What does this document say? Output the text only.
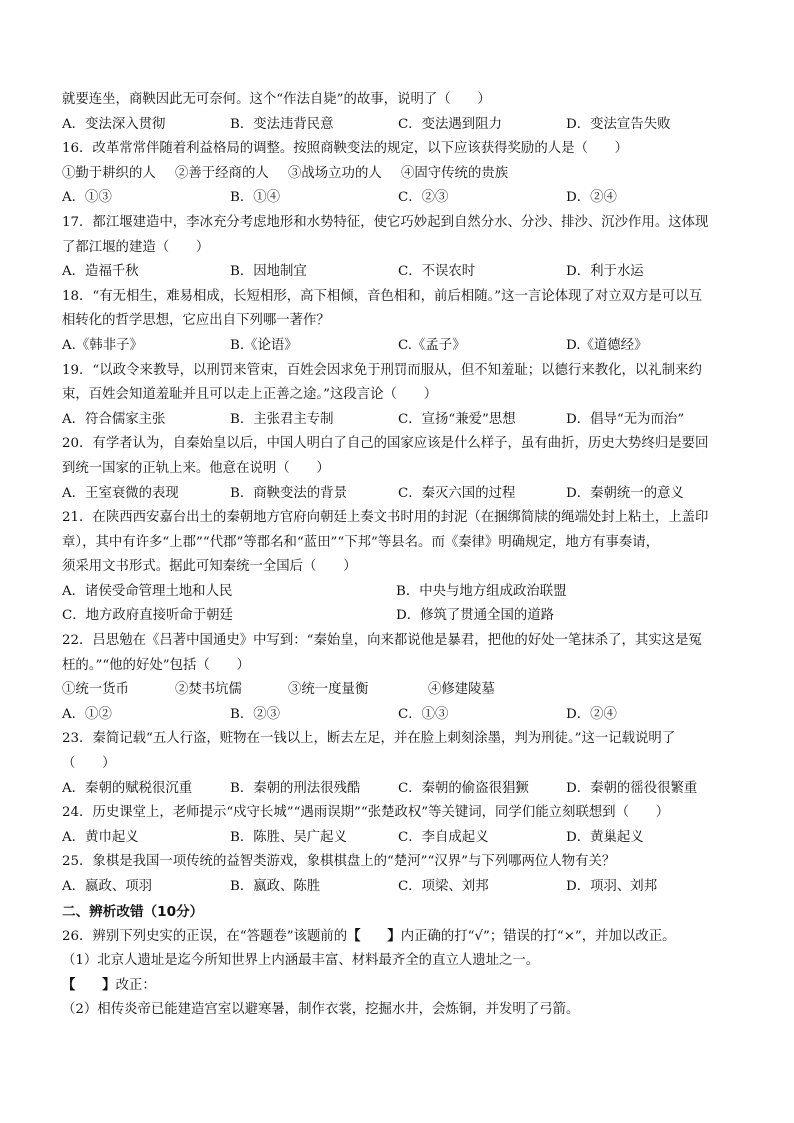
就要连坐，商鞅因此无可奈何。这个“作法自毙”的故事，说明了（　　）
A．变法深入贯彻	B．变法违背民意	C．变法遇到阻力	D．变法宣告失败
16．改革常常伴随着利益格局的调整。按照商鞅变法的规定，以下应该获得奖励的人是（　　）
①勤于耕织的人 ②善于经商的人 ③战场立功的人 ④固守传统的贵族
A．①③	B．①④	C．②③	D．②④
17．都江堰建造中，李冰充分考虑地形和水势特征，使它巧妙起到自然分水、分沙、排沙、沉沙作用。这体现
了都江堰的建造（　　）
A．造福千秋	B．因地制宜	C．不误农时	D．利于水运
18．“有无相生，难易相成，长短相形，高下相倾，音色相和，前后相随。”这一言论体现了对立双方是可以互
相转化的哲学思想，它应出自下列哪一著作？
A.《韩非子》	B.《论语》	C.《孟子》	D.《道德经》
19．“以政令来教导，以刑罚来管束，百姓会因求免于刑罚而服从，但不知羞耻；以德行来教化，以礼制来约
束，百姓会知道羞耻并且可以走上正善之途。”这段言论（　　）
A．符合儒家主张	B．主张君主专制	C．宣扬“兼爱”思想	D．倡导“无为而治”
20．有学者认为，自秦始皇以后，中国人明白了自己的国家应该是什么样子，虽有曲折，历史大势终归是要回
到统一国家的正轨上来。他意在说明（　　）
A．王室衰微的表现	B．商鞅变法的背景	C．秦灭六国的过程	D．秦朝统一的意义
21．在陕西西安嘉台出土的秦朝地方官府向朝廷上奏文书时用的封泥（在捆绑简牍的绳端处封上粘土，上盖印
章），其中有许多“上郡”“代郡”等郡名和“蓝田”“下邦”等县名。而《秦律》明确规定，地方有事奏请，
须采用文书形式。据此可知秦统一全国后（　　）
A．诸侯受命管理土地和人民	B．中央与地方组成政治联盟
C．地方政府直接听命于朝廷	D．修筑了贯通全国的道路
22．吕思勉在《吕著中国通史》中写到：“秦始皇，向来都说他是暴君，把他的好处一笔抹杀了，其实这是冤
枉的。”“他的好处”包括（　　）
①统一货币	②焚书坑儒	③统一度量衡	④修建陵墓
A．①②	B．②③	C．①③	D．②④
23．秦简记载“五人行盗，赃物在一钱以上，断去左足，并在脸上刺刻涂墨，判为刑徒。”这一记载说明了
（　　）
A．秦朝的赋税很沉重	B．秦朝的刑法很残酷	C．秦朝的偷盗很猖獗	D．秦朝的徭役很繁重
24．历史课堂上，老师提示“戍守长城”“遇雨误期”“张楚政权”等关键词，同学们能立刻联想到（　　）
A．黄巾起义	B．陈胜、吴广起义	C．李自成起义	D．黄巢起义
25．象棋是我国一项传统的益智类游戏，象棋棋盘上的“楚河”“汉界”与下列哪两位人物有关？
A．嬴政、项羽	B．嬴政、陈胜	C．项梁、刘邦	D．项羽、刘邦
二、辨析改错（10分）
26．辨别下列史实的正误，在“答题卷”该题前的【　　】内正确的打“√”；错误的打“×”，并加以改正。
（1）北京人遗址是迄今所知世界上内涵最丰富、材料最齐全的直立人遗址之一。
【　　】改正：
（2）相传炎帝已能建造宫室以避寒暑，制作衣裳，挖掘水井，会炼铜，并发明了弓箭。
